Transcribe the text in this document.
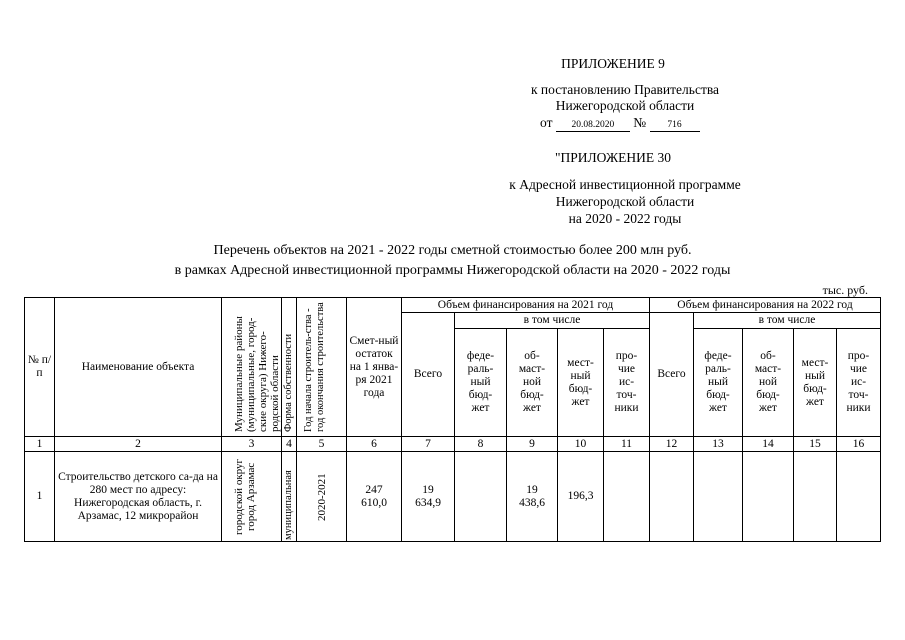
ПРИЛОЖЕНИЕ 9
к постановлению Правительства
Нижегородской области
от 20.08.2020 № 716
"ПРИЛОЖЕНИЕ 30
к Адресной инвестиционной программе
Нижегородской области
на 2020 - 2022 годы
Перечень объектов на 2021 - 2022 годы сметной стоимостью более 200 млн руб.
в рамках Адресной инвестиционной программы Нижегородской области на 2020 - 2022 годы
тыс. руб.
№ п/п	Наименование объекта	Муниципальные районы (муниципальные, город-ские округа) Нижего-родской области	Форма собственности	Год начала строитель-ства - год окончания строительства	Смет-ный остаток на 1 янва-ря 2021 года	Объем финансирования на 2021 год					Объем финансирования на 2022 год				
						Всего	в том числе				Всего	в том числе			
							феде-раль-ный бюд-жет	об-маст-ной бюд-жет	мест-ный бюд-жет	про-чие ис-точ-ники		феде-раль-ный бюд-жет	об-маст-ной бюд-жет	мест-ный бюд-жет	про-чие ис-точ-ники
1	2	3	4	5	6	7	8	9	10	11	12	13	14	15	16
1	Строительство детского са-да на 280 мест по адресу: Нижегородская область, г. Арзамас, 12 микрорайон	городской округ город Арзамас	муниципальная	2020-2021	247 610,0	19 634,9		19 438,6	196,3						
